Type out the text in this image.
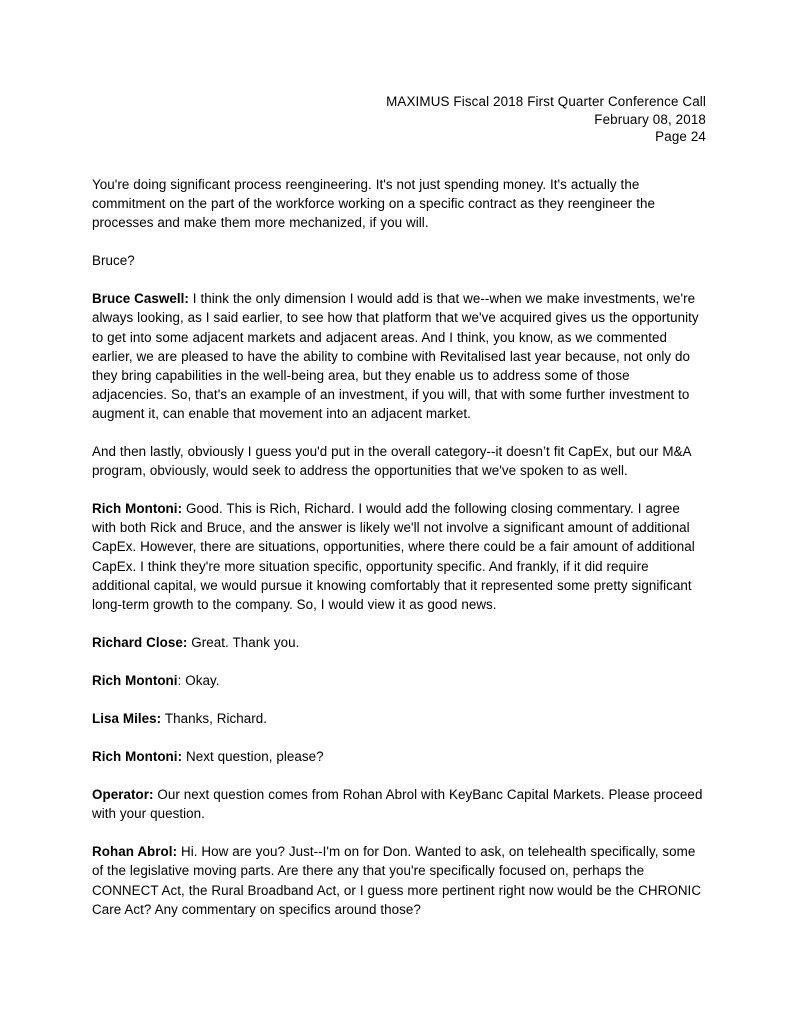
MAXIMUS Fiscal 2018 First Quarter Conference Call
February 08, 2018
Page 24

You're doing significant process reengineering. It's not just spending money. It's actually the commitment on the part of the workforce working on a specific contract as they reengineer the processes and make them more mechanized, if you will.

Bruce?

Bruce Caswell: I think the only dimension I would add is that we--when we make investments, we're always looking, as I said earlier, to see how that platform that we've acquired gives us the opportunity to get into some adjacent markets and adjacent areas. And I think, you know, as we commented earlier, we are pleased to have the ability to combine with Revitalised last year because, not only do they bring capabilities in the well-being area, but they enable us to address some of those adjacencies. So, that's an example of an investment, if you will, that with some further investment to augment it, can enable that movement into an adjacent market.

And then lastly, obviously I guess you'd put in the overall category--it doesn’t fit CapEx, but our M&A program, obviously, would seek to address the opportunities that we've spoken to as well.

Rich Montoni: Good. This is Rich, Richard. I would add the following closing commentary. I agree with both Rick and Bruce, and the answer is likely we'll not involve a significant amount of additional CapEx. However, there are situations, opportunities, where there could be a fair amount of additional CapEx. I think they're more situation specific, opportunity specific. And frankly, if it did require additional capital, we would pursue it knowing comfortably that it represented some pretty significant long-term growth to the company. So, I would view it as good news.

Richard Close: Great. Thank you.

Rich Montoni: Okay.

Lisa Miles: Thanks, Richard.

Rich Montoni: Next question, please?

Operator: Our next question comes from Rohan Abrol with KeyBanc Capital Markets. Please proceed with your question.

Rohan Abrol: Hi. How are you? Just--I'm on for Don. Wanted to ask, on telehealth specifically, some of the legislative moving parts. Are there any that you're specifically focused on, perhaps the CONNECT Act, the Rural Broadband Act, or I guess more pertinent right now would be the CHRONIC Care Act? Any commentary on specifics around those?
